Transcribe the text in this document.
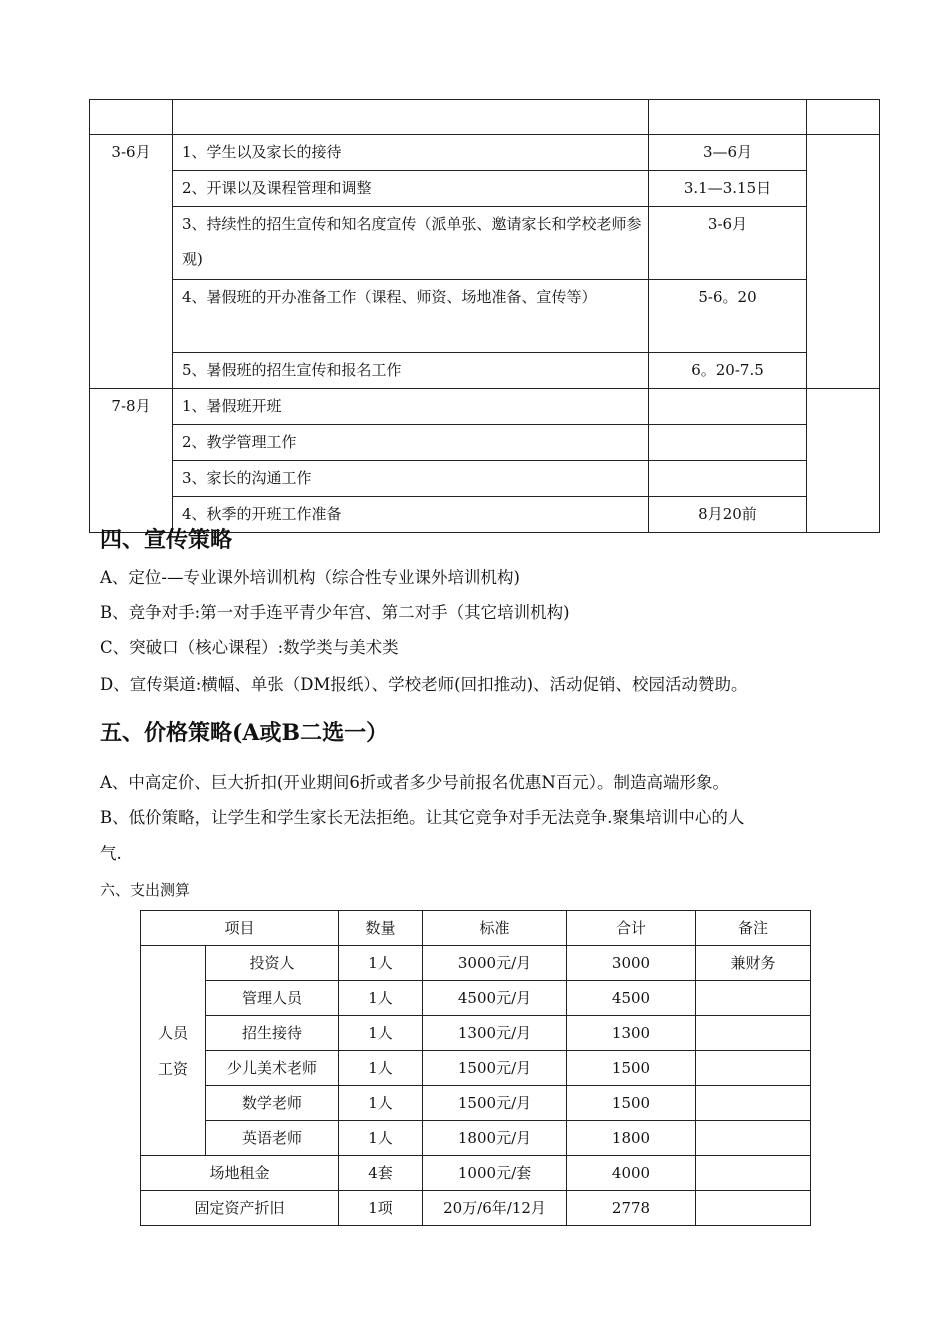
3-6月	1、学生以及家长的接待	3—6月	
	2、开课以及课程管理和调整	3.1—3.15日	
	3、持续性的招生宣传和知名度宣传（派单张、邀请家长和学校老师参观)	3-6月	
	4、暑假班的开办准备工作（课程、师资、场地准备、宣传等）	5-6。20	
	5、暑假班的招生宣传和报名工作	6。20-7.5	
7-8月	1、暑假班开班		
	2、教学管理工作		
	3、家长的沟通工作		
	4、秋季的开班工作准备	8月20前	
四、宣传策略

A、定位-—专业课外培训机构（综合性专业课外培训机构)

B、竞争对手:第一对手连平青少年宫、第二对手（其它培训机构)

C、突破口（核心课程）:数学类与美术类

D、宣传渠道:横幅、单张（DM报纸）、学校老师(回扣推动)、活动促销、校园活动赞助。

五、价格策略(A或B二选一）

A、中高定价、巨大折扣(开业期间6折或者多少号前报名优惠N百元）。制造高端形象。

B、低价策略，让学生和学生家长无法拒绝。让其它竞争对手无法竞争.聚集培训中心的人

气.

六、支出测算

项目		数量	标准	合计	备注

人员
工资	投资人	1人	3000元/月	3000	兼财务
	管理人员	1人	4500元/月	4500	
	招生接待	1人	1300元/月	1300	
	少儿美术老师	1人	1500元/月	1500	
	数学老师	1人	1500元/月	1500	
	英语老师	1人	1800元/月	1800	
场地租金		4套	1000元/套	4000	
固定资产折旧		1项	20万/6年/12月	2778	
